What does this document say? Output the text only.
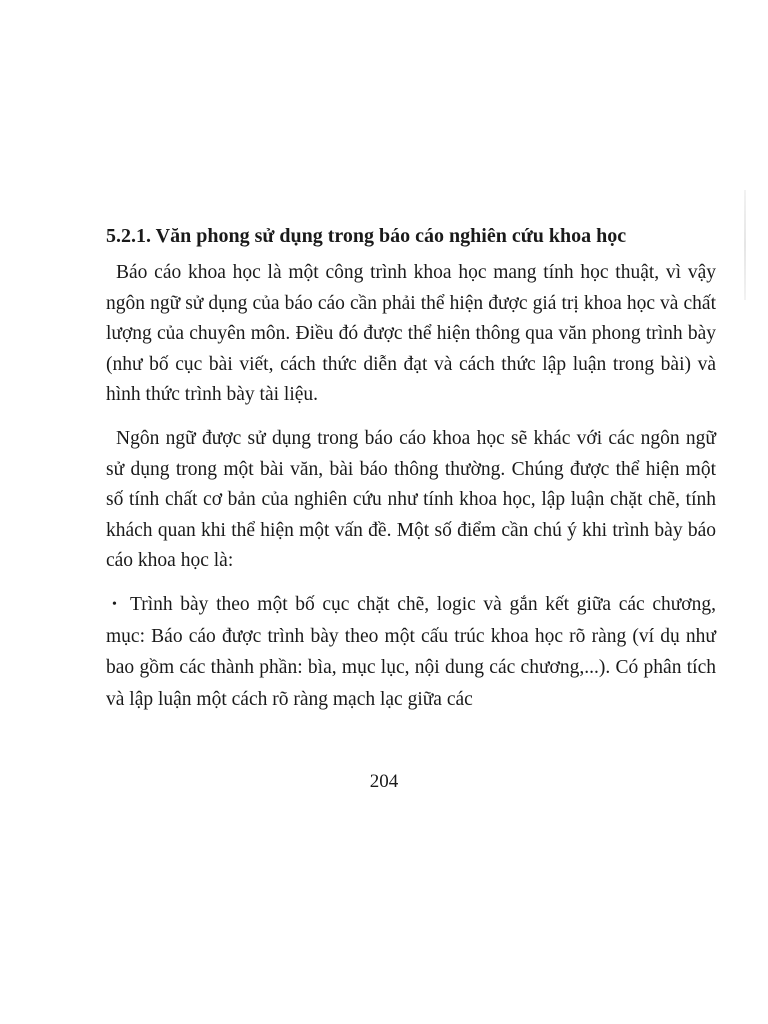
5.2.1. Văn phong sử dụng trong báo cáo nghiên cứu khoa học

Báo cáo khoa học là một công trình khoa học mang tính học thuật, vì vậy ngôn ngữ sử dụng của báo cáo cần phải thể hiện được giá trị khoa học và chất lượng của chuyên môn. Điều đó được thể hiện thông qua văn phong trình bày (như bố cục bài viết, cách thức diễn đạt và cách thức lập luận trong bài) và hình thức trình bày tài liệu.

Ngôn ngữ được sử dụng trong báo cáo khoa học sẽ khác với các ngôn ngữ sử dụng trong một bài văn, bài báo thông thường. Chúng được thể hiện một số tính chất cơ bản của nghiên cứu như tính khoa học, lập luận chặt chẽ, tính khách quan khi thể hiện một vấn đề. Một số điểm cần chú ý khi trình bày báo cáo khoa học là:

• Trình bày theo một bố cục chặt chẽ, logic và gắn kết giữa các chương, mục: Báo cáo được trình bày theo một cấu trúc khoa học rõ ràng (ví dụ như bao gồm các thành phần: bìa, mục lục, nội dung các chương,...). Có phân tích và lập luận một cách rõ ràng mạch lạc giữa các

204
